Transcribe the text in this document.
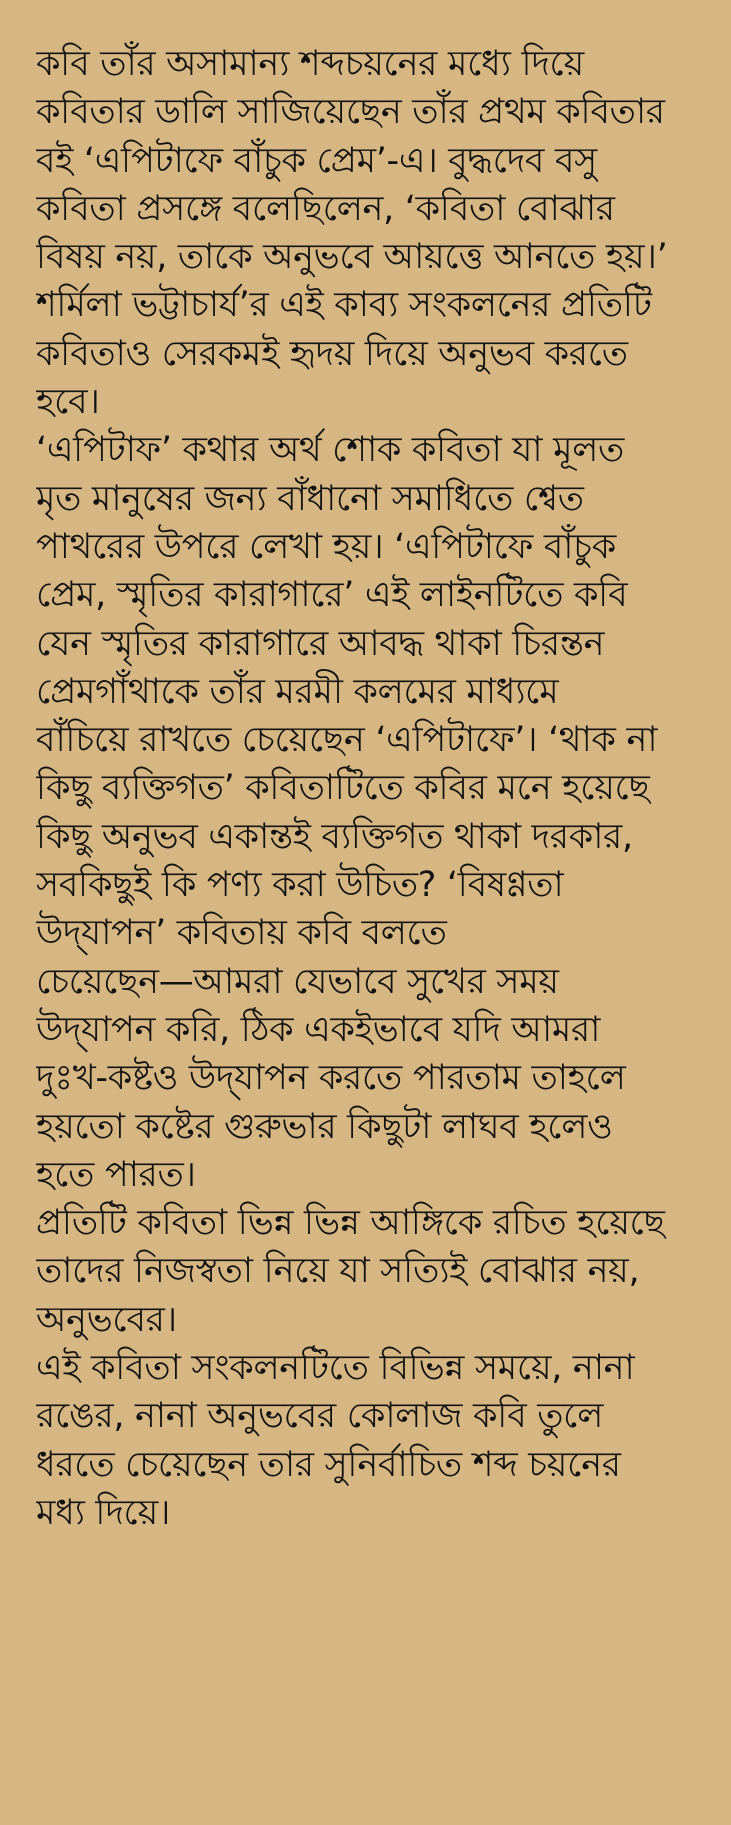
কবি তাঁর অসামান্য শব্দচয়নের মধ্যে দিয়ে
কবিতার ডালি সাজিয়েছেন তাঁর প্রথম কবিতার
বই ‘এপিটাফে বাঁচুক প্রেম’-এ। বুদ্ধদেব বসু
কবিতা প্রসঙ্গে বলেছিলেন, ‘কবিতা বোঝার
বিষয় নয়, তাকে অনুভবে আয়ত্তে আনতে হয়।’
শর্মিলা ভট্টাচার্য’র এই কাব্য সংকলনের প্রতিটি
কবিতাও সেরকমই হৃদয় দিয়ে অনুভব করতে
হবে।
‘এপিটাফ’ কথার অর্থ শোক কবিতা যা মূলত
মৃত মানুষের জন্য বাঁধানো সমাধিতে শ্বেত
পাথরের উপরে লেখা হয়। ‘এপিটাফে বাঁচুক
প্রেম, স্মৃতির কারাগারে’ এই লাইনটিতে কবি
যেন স্মৃতির কারাগারে আবদ্ধ থাকা চিরন্তন
প্রেমগাঁথাকে তাঁর মরমী কলমের মাধ্যমে
বাঁচিয়ে রাখতে চেয়েছেন ‘এপিটাফে’। ‘থাক না
কিছু ব্যক্তিগত’ কবিতাটিতে কবির মনে হয়েছে
কিছু অনুভব একান্তই ব্যক্তিগত থাকা দরকার,
সবকিছুই কি পণ্য করা উচিত? ‘বিষণ্ণতা
উদ্‌যাপন’ কবিতায় কবি বলতে
চেয়েছেন—আমরা যেভাবে সুখের সময়
উদ্‌যাপন করি, ঠিক একইভাবে যদি আমরা
দুঃখ-কষ্টও উদ্‌যাপন করতে পারতাম তাহলে
হয়তো কষ্টের গুরুভার কিছুটা লাঘব হলেও
হতে পারত।
প্রতিটি কবিতা ভিন্ন ভিন্ন আঙ্গিকে রচিত হয়েছে
তাদের নিজস্বতা নিয়ে যা সত্যিই বোঝার নয়,
অনুভবের।
এই কবিতা সংকলনটিতে বিভিন্ন সময়ে, নানা
রঙের, নানা অনুভবের কোলাজ কবি তুলে
ধরতে চেয়েছেন তার সুনির্বাচিত শব্দ চয়নের
মধ্য দিয়ে।
